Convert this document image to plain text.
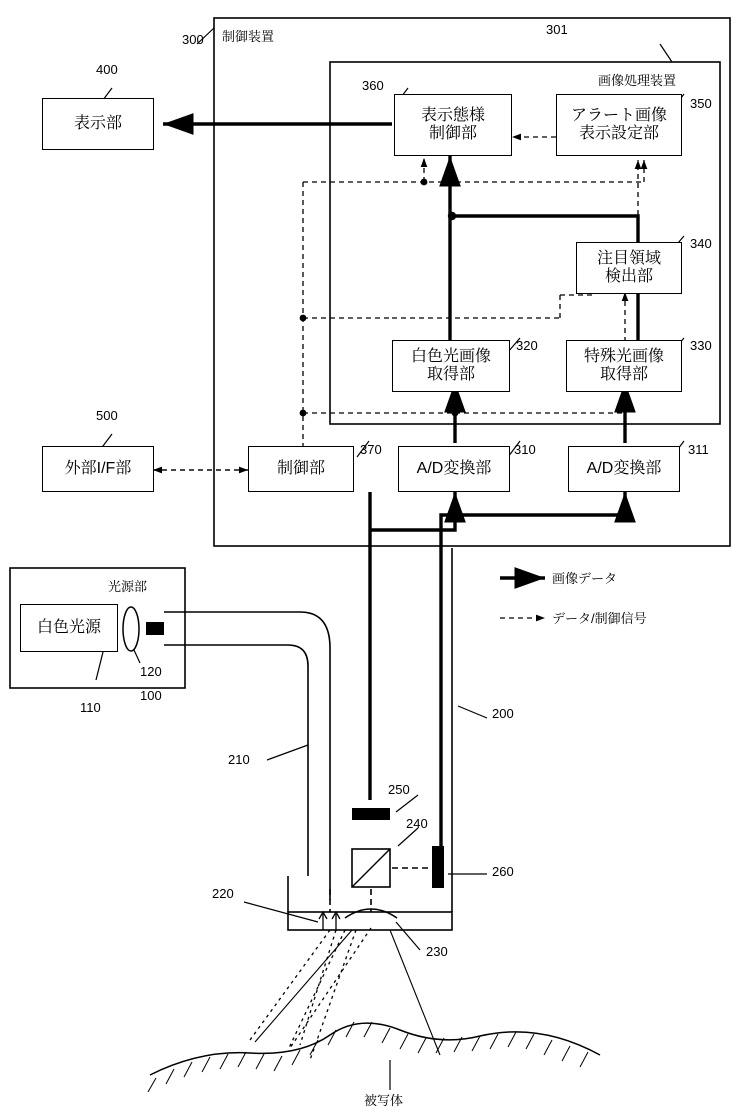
表示部	表示態様
制御部
アラート画像
表示設定部
注目領域
検出部
白色光画像
取得部
特殊光画像
取得部
外部I/F部	制御部	A/D変換部	A/D変換部
白色光源
制御装置
画像処理装置
光源部
画像データ
データ/制御信号
被写体
300
301
400
360
350
340
320	330
500
370	310	311
110
100
120
200
210
250
240
260
220
230
